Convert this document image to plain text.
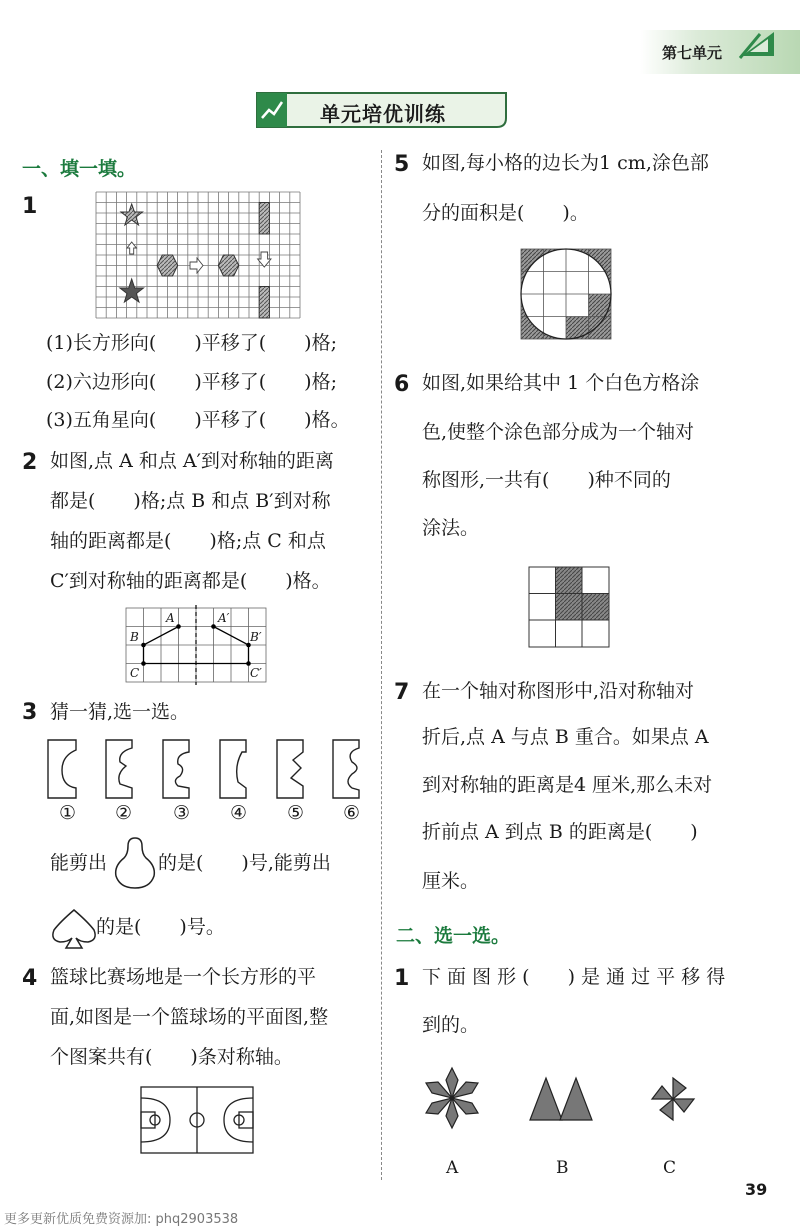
第七单元
单元培优训练
一、填一填。
1
(1)长方形向(　　)平移了(　　)格;
(2)六边形向(　　)平移了(　　)格;
(3)五角星向(　　)平移了(　　)格。
2 如图,点 A 和点 A′到对称轴的距离
都是(　　)格;点 B 和点 B′到对称
轴的距离都是(　　)格;点 C 和点
C′到对称轴的距离都是(　　)格。
A	A′
B	B′
C	C′
3 猜一猜,选一选。
① ② ③ ④ ⑤ ⑥
能剪出	的是(　　)号,能剪出
的是(　　)号。
4 篮球比赛场地是一个长方形的平
面,如图是一个篮球场的平面图,整
个图案共有(　　)条对称轴。
5 如图,每小格的边长为1 cm,涂色部
分的面积是(　　)。
6 如图,如果给其中 1 个白色方格涂
色,使整个涂色部分成为一个轴对
称图形,一共有(　　)种不同的
涂法。
7 在一个轴对称图形中,沿对称轴对
折后,点 A 与点 B 重合。如果点 A
到对称轴的距离是4 厘米,那么未对
折前点 A 到点 B 的距离是(　　)
厘米。
二、选一选。
1 下 面 图 形 (　　) 是 通 过 平 移 得
到的。
A	B	C
更多更新优质免费资源加: phq2903538
39
